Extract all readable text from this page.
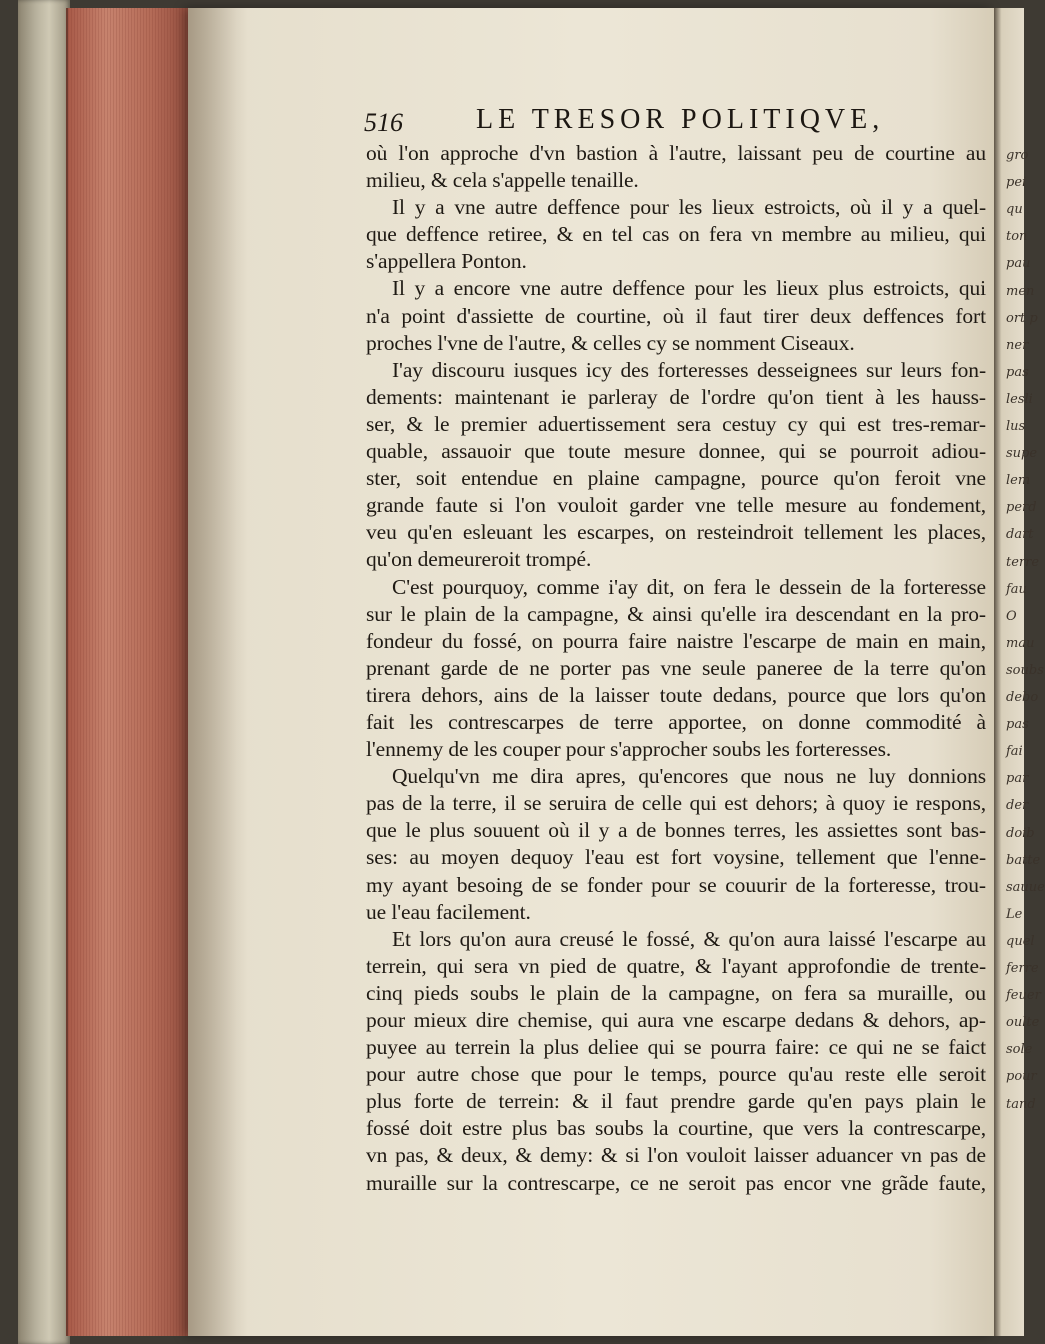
gro
pei
qu
ton
pau
men
ort p
ner
pas
lesli
lus
supe
lem
perd
dart
terre
fau
O
mau
soubs
debo
pas
fai
par
der
doib
batte
sauue
Le
quel
ferre
feuer
oulte
sole
pour
tand
516	LE TRESOR POLITIQVE,
où l'on approche d'vn bastion à l'autre, laissant peu de courtine au
milieu, & cela s'appelle tenaille.
Il y a vne autre deffence pour les lieux estroicts, où il y a quel-
que deffence retiree, & en tel cas on fera vn membre au milieu, qui
s'appellera Ponton.
Il y a encore vne autre deffence pour les lieux plus estroicts, qui
n'a point d'assiette de courtine, où il faut tirer deux deffences fort
proches l'vne de l'autre, & celles cy se nomment Ciseaux.
I'ay discouru iusques icy des forteresses desseignees sur leurs fon-
dements: maintenant ie parleray de l'ordre qu'on tient à les hauss-
ser, & le premier aduertissement sera cestuy cy qui est tres-remar-
quable, assauoir que toute mesure donnee, qui se pourroit adiou-
ster, soit entendue en plaine campagne, pource qu'on feroit vne
grande faute si l'on vouloit garder vne telle mesure au fondement,
veu qu'en esleuant les escarpes, on resteindroit tellement les places,
qu'on demeureroit trompé.
C'est pourquoy, comme i'ay dit, on fera le dessein de la forteresse
sur le plain de la campagne, & ainsi qu'elle ira descendant en la pro-
fondeur du fossé, on pourra faire naistre l'escarpe de main en main,
prenant garde de ne porter pas vne seule paneree de la terre qu'on
tirera dehors, ains de la laisser toute dedans, pource que lors qu'on
fait les contrescarpes de terre apportee, on donne commodité à
l'ennemy de les couper pour s'approcher soubs les forteresses.
Quelqu'vn me dira apres, qu'encores que nous ne luy donnions
pas de la terre, il se seruira de celle qui est dehors; à quoy ie respons,
que le plus souuent où il y a de bonnes terres, les assiettes sont bas-
ses: au moyen dequoy l'eau est fort voysine, tellement que l'enne-
my ayant besoing de se fonder pour se couurir de la forteresse, trou-
ue l'eau facilement.
Et lors qu'on aura creusé le fossé, & qu'on aura laissé l'escarpe au
terrein, qui sera vn pied de quatre, & l'ayant approfondie de trente-
cinq pieds soubs le plain de la campagne, on fera sa muraille, ou
pour mieux dire chemise, qui aura vne escarpe dedans & dehors, ap-
puyee au terrein la plus deliee qui se pourra faire: ce qui ne se faict
pour autre chose que pour le temps, pource qu'au reste elle seroit
plus forte de terrein: & il faut prendre garde qu'en pays plain le
fossé doit estre plus bas soubs la courtine, que vers la contrescarpe,
vn pas, & deux, & demy: & si l'on vouloit laisser aduancer vn pas de
muraille sur la contrescarpe, ce ne seroit pas encor vne grãde faute,
